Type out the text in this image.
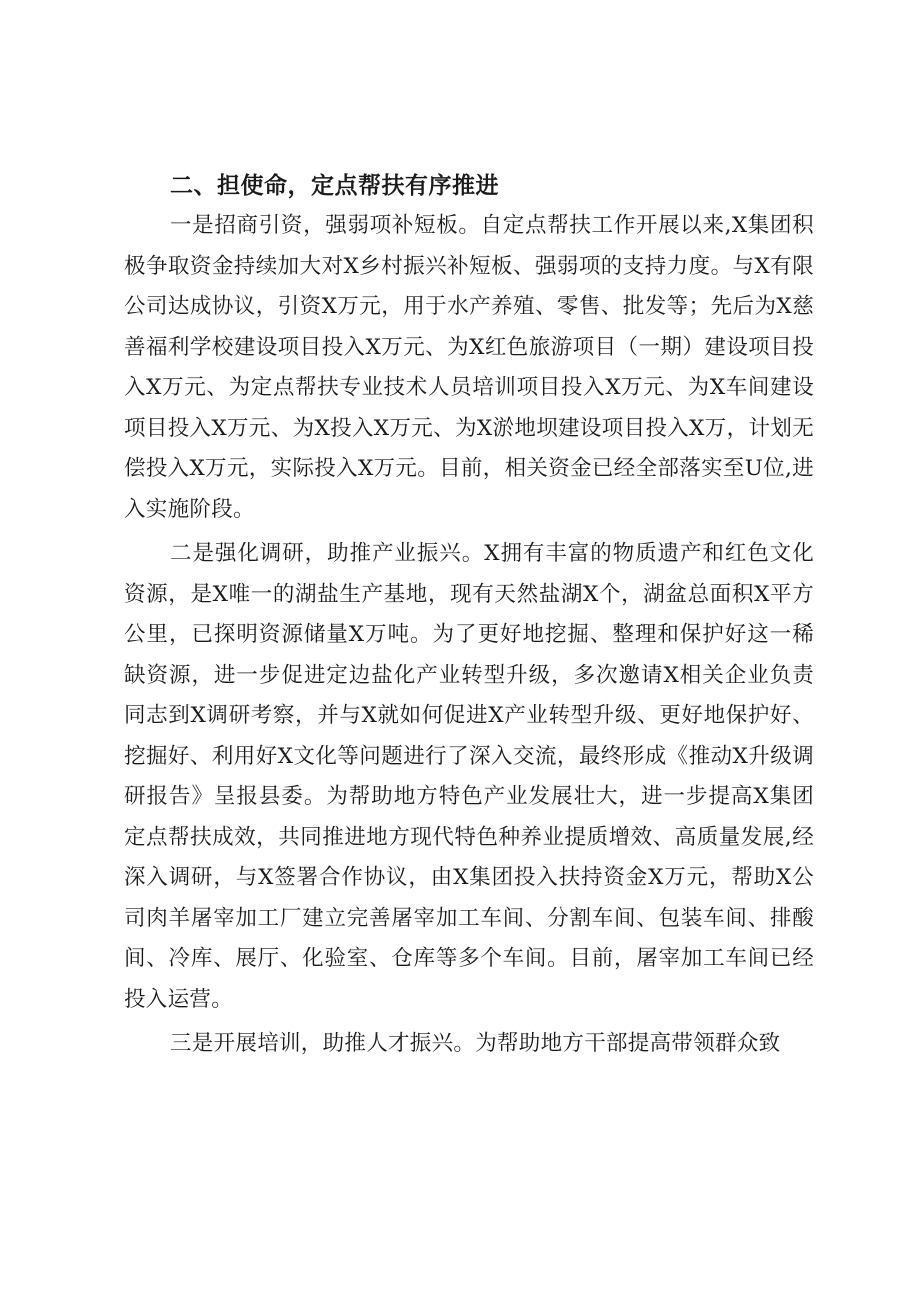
二、担使命，定点帮扶有序推进

一是招商引资，强弱项补短板。自定点帮扶工作开展以来,X集团积极争取资金持续加大对X乡村振兴补短板、强弱项的支持力度。与X有限公司达成协议，引资X万元，用于水产养殖、零售、批发等；先后为X慈善福利学校建设项目投入X万元、为X红色旅游项目（一期）建设项目投入X万元、为定点帮扶专业技术人员培训项目投入X万元、为X车间建设项目投入X万元、为X投入X万元、为X淤地坝建设项目投入X万，计划无偿投入X万元，实际投入X万元。目前，相关资金已经全部落实至U位,进入实施阶段。

二是强化调研，助推产业振兴。X拥有丰富的物质遗产和红色文化资源，是X唯一的湖盐生产基地，现有天然盐湖X个，湖盆总面积X平方公里，已探明资源储量X万吨。为了更好地挖掘、整理和保护好这一稀缺资源，进一步促进定边盐化产业转型升级，多次邀请X相关企业负责同志到X调研考察，并与X就如何促进X产业转型升级、更好地保护好、挖掘好、利用好X文化等问题进行了深入交流，最终形成《推动X升级调研报告》呈报县委。为帮助地方特色产业发展壮大，进一步提高X集团定点帮扶成效，共同推进地方现代特色种养业提质增效、高质量发展,经深入调研，与X签署合作协议，由X集团投入扶持资金X万元，帮助X公司肉羊屠宰加工厂建立完善屠宰加工车间、分割车间、包装车间、排酸间、冷库、展厅、化验室、仓库等多个车间。目前，屠宰加工车间已经投入运营。

三是开展培训，助推人才振兴。为帮助地方干部提高带领群众致
